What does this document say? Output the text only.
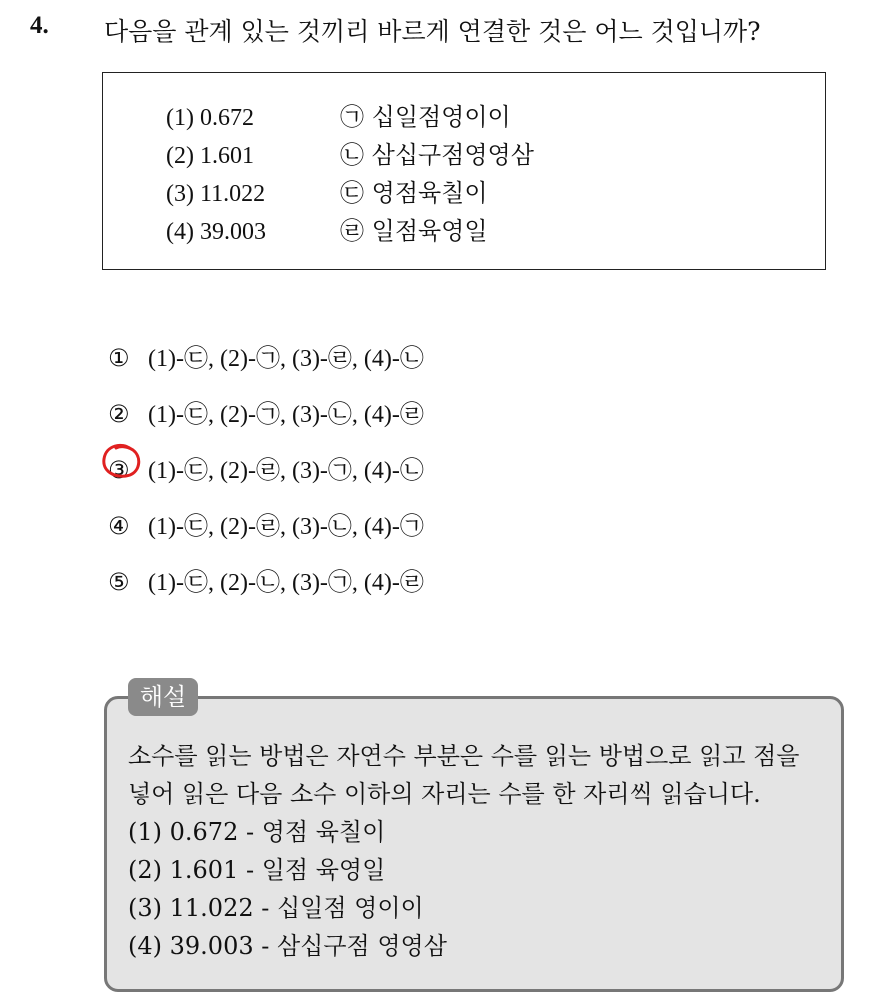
4. 다음을 관계 있는 것끼리 바르게 연결한 것은 어느 것입니까?
(1) 0.672	㉠ 십일점영이이
(2) 1.601	㉡ 삼십구점영영삼
(3) 11.022	㉢ 영점육칠이
(4) 39.003	㉣ 일점육영일
① (1)-㉢, (2)-㉠, (3)-㉣, (4)-㉡
② (1)-㉢, (2)-㉠, (3)-㉡, (4)-㉣
③ (1)-㉢, (2)-㉣, (3)-㉠, (4)-㉡
④ (1)-㉢, (2)-㉣, (3)-㉡, (4)-㉠
⑤ (1)-㉢, (2)-㉡, (3)-㉠, (4)-㉣
해설
소수를 읽는 방법은 자연수 부분은 수를 읽는 방법으로 읽고 점을
넣어 읽은 다음 소수 이하의 자리는 수를 한 자리씩 읽습니다.
(1) 0.672 - 영점 육칠이
(2) 1.601 - 일점 육영일
(3) 11.022 - 십일점 영이이
(4) 39.003 - 삼십구점 영영삼
